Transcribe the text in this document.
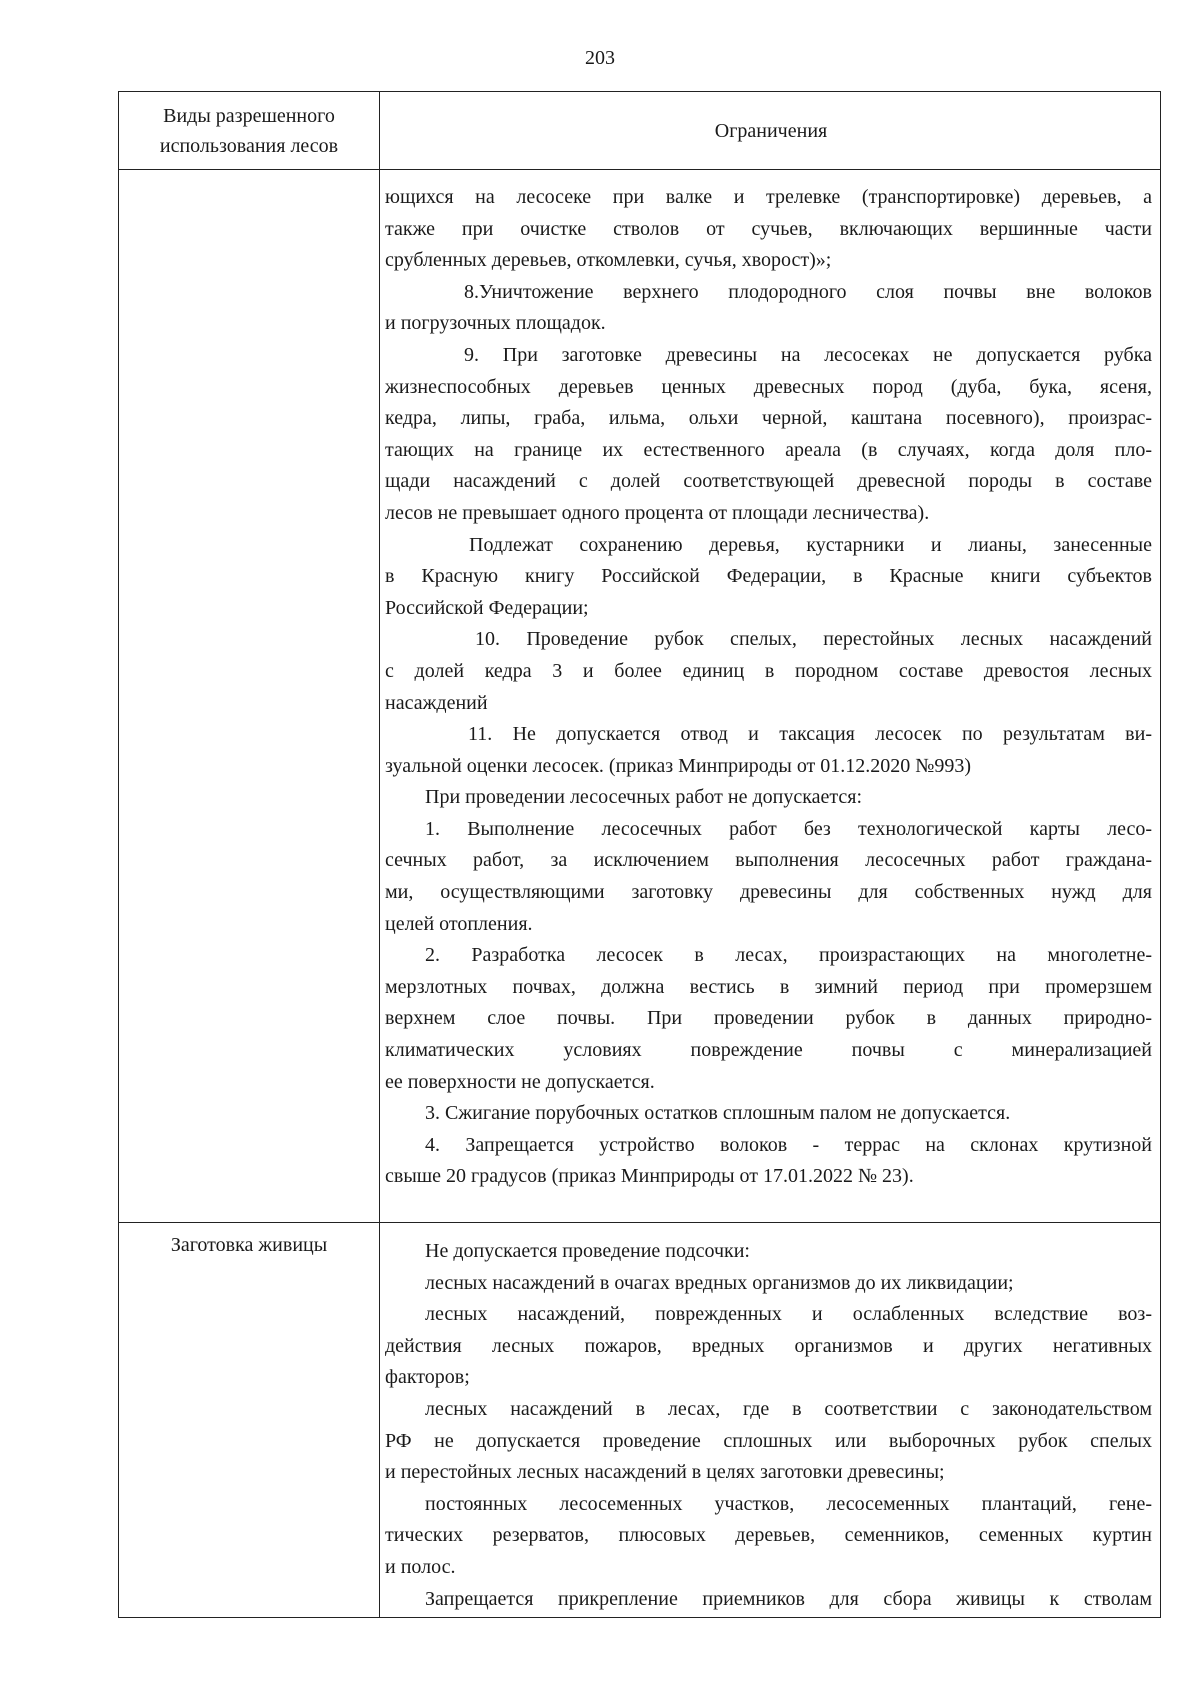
203
Виды разрешенного
использования лесов
Ограничения
ющихся на лесосеке при валке и трелевке (транспортировке) деревьев, а
также при очистке стволов от сучьев, включающих вершинные части
срубленных деревьев, откомлевки, сучья, хворост)»;
8.Уничтожение верхнего плодородного слоя почвы вне волоков
и погрузочных площадок.
9. При заготовке древесины на лесосеках не допускается рубка
жизнеспособных деревьев ценных древесных пород (дуба, бука, ясеня,
кедра, липы, граба, ильма, ольхи черной, каштана посевного), произрас-
тающих на границе их естественного ареала (в случаях, когда доля пло-
щади насаждений с долей соответствующей древесной породы в составе
лесов не превышает одного процента от площади лесничества).
Подлежат сохранению деревья, кустарники и лианы, занесенные
в Красную книгу Российской Федерации, в Красные книги субъектов
Российской Федерации;
10. Проведение рубок спелых, перестойных лесных насаждений
с долей кедра 3 и более единиц в породном составе древостоя лесных
насаждений
11. Не допускается отвод и таксация лесосек по результатам ви-
зуальной оценки лесосек. (приказ Минприроды от 01.12.2020 №993)
При проведении лесосечных работ не допускается:
1. Выполнение лесосечных работ без технологической карты лесо-
сечных работ, за исключением выполнения лесосечных работ граждана-
ми, осуществляющими заготовку древесины для собственных нужд для
целей отопления.
2. Разработка лесосек в лесах, произрастающих на многолетне-
мерзлотных почвах, должна вестись в зимний период при промерзшем
верхнем слое почвы. При проведении рубок в данных природно-
климатических условиях повреждение почвы с минерализацией
ее поверхности не допускается.
3. Сжигание порубочных остатков сплошным палом не допускается.
4. Запрещается устройство волоков - террас на склонах крутизной
свыше 20 градусов (приказ Минприроды от 17.01.2022 № 23).
Заготовка живицы	Не допускается проведение подсочки:
лесных насаждений в очагах вредных организмов до их ликвидации;
лесных насаждений, поврежденных и ослабленных вследствие воз-
действия лесных пожаров, вредных организмов и других негативных
факторов;
лесных насаждений в лесах, где в соответствии с законодательством
РФ не допускается проведение сплошных или выборочных рубок спелых
и перестойных лесных насаждений в целях заготовки древесины;
постоянных лесосеменных участков, лесосеменных плантаций, гене-
тических резерватов, плюсовых деревьев, семенников, семенных куртин
и полос.
Запрещается прикрепление приемников для сбора живицы к стволам
